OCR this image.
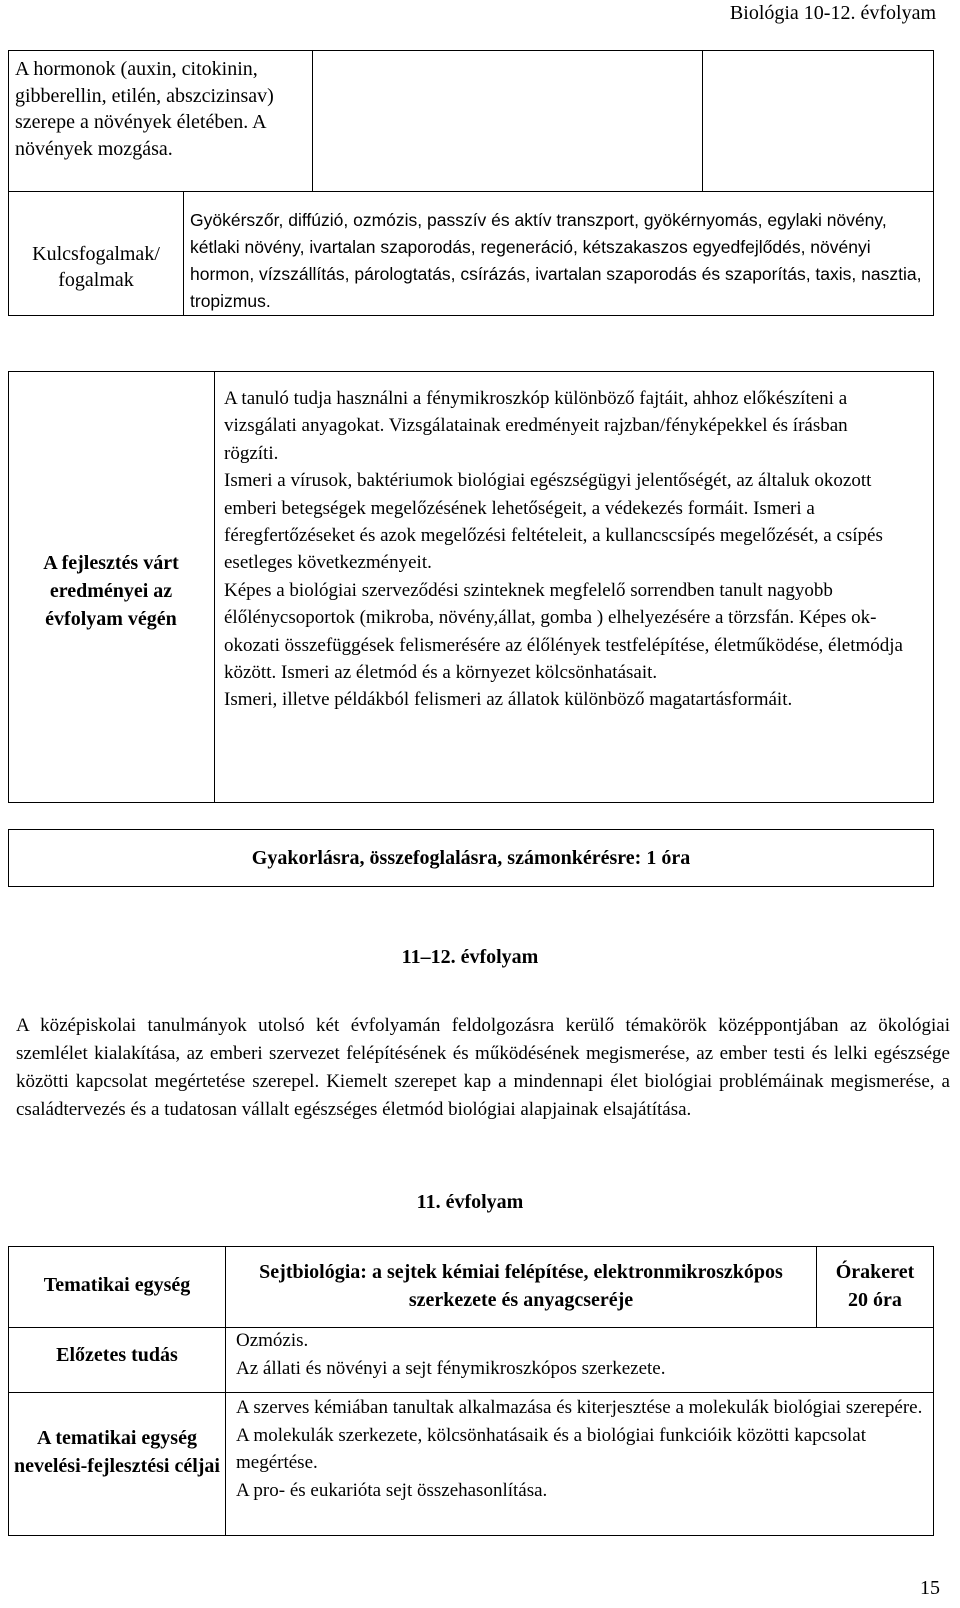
Biológia 10-12. évfolyam
A hormonok (auxin, citokinin, gibberellin, etilén, abszcizinsav) szerepe a növények életében. A növények mozgása.
Kulcsfogalmak/ fogalmak
Gyökérszőr, diffúzió, ozmózis, passzív és aktív transzport, gyökérnyomás, egylaki növény, kétlaki növény, ivartalan szaporodás, regeneráció, kétszakaszos egyedfejlődés, növényi hormon, vízszállítás, párologtatás, csírázás, ivartalan szaporodás és szaporítás, taxis, nasztia, tropizmus.
A fejlesztés várt eredményei az évfolyam végén

A tanuló tudja használni a fénymikroszkóp különböző fajtáit, ahhoz előkészíteni a vizsgálati anyagokat. Vizsgálatainak eredményeit rajzban/fényképekkel és írásban rögzíti.

Ismeri a vírusok, baktériumok biológiai egészségügyi jelentőségét, az általuk okozott emberi betegségek megelőzésének lehetőségeit, a védekezés formáit. Ismeri a féregfertőzéseket és azok megelőzési feltételeit, a kullancscsípés megelőzését, a csípés esetleges következményeit.

Képes a biológiai szerveződési szinteknek megfelelő sorrendben tanult nagyobb élőlénycsoportok (mikroba, növény,állat, gomba ) elhelyezésére a törzsfán. Képes ok-okozati összefüggések felismerésére az élőlények testfelépítése, életműködése, életmódja között. Ismeri az életmód és a környezet kölcsönhatásait.

Ismeri, illetve példákból felismeri az állatok különböző magatartásformáit.

Gyakorlásra, összefoglalásra, számonkérésre: 1 óra
11–12. évfolyam
A középiskolai tanulmányok utolsó két évfolyamán feldolgozásra kerülő témakörök középpontjában az ökológiai szemlélet kialakítása, az emberi szervezet felépítésének és működésének megismerése, az ember testi és lelki egészsége közötti kapcsolat megértetése szerepel. Kiemelt szerepet kap a mindennapi élet biológiai problémáinak megismerése, a családtervezés és a tudatosan vállalt egészséges életmód biológiai alapjainak elsajátítása.
11. évfolyam
Tematikai egység
Sejtbiológia: a sejtek kémiai felépítése, elektronmikroszkópos szerkezete és anyagcseréje
Órakeret
20 óra
Előzetes tudás
Ozmózis.
Az állati és növényi a sejt fénymikroszkópos szerkezete.
A tematikai egység nevelési-fejlesztési céljai
A szerves kémiában tanultak alkalmazása és kiterjesztése a molekulák biológiai szerepére.
A molekulák szerkezete, kölcsönhatásaik és a biológiai funkcióik közötti kapcsolat megértése.
A pro- és eukarióta sejt összehasonlítása.
15
